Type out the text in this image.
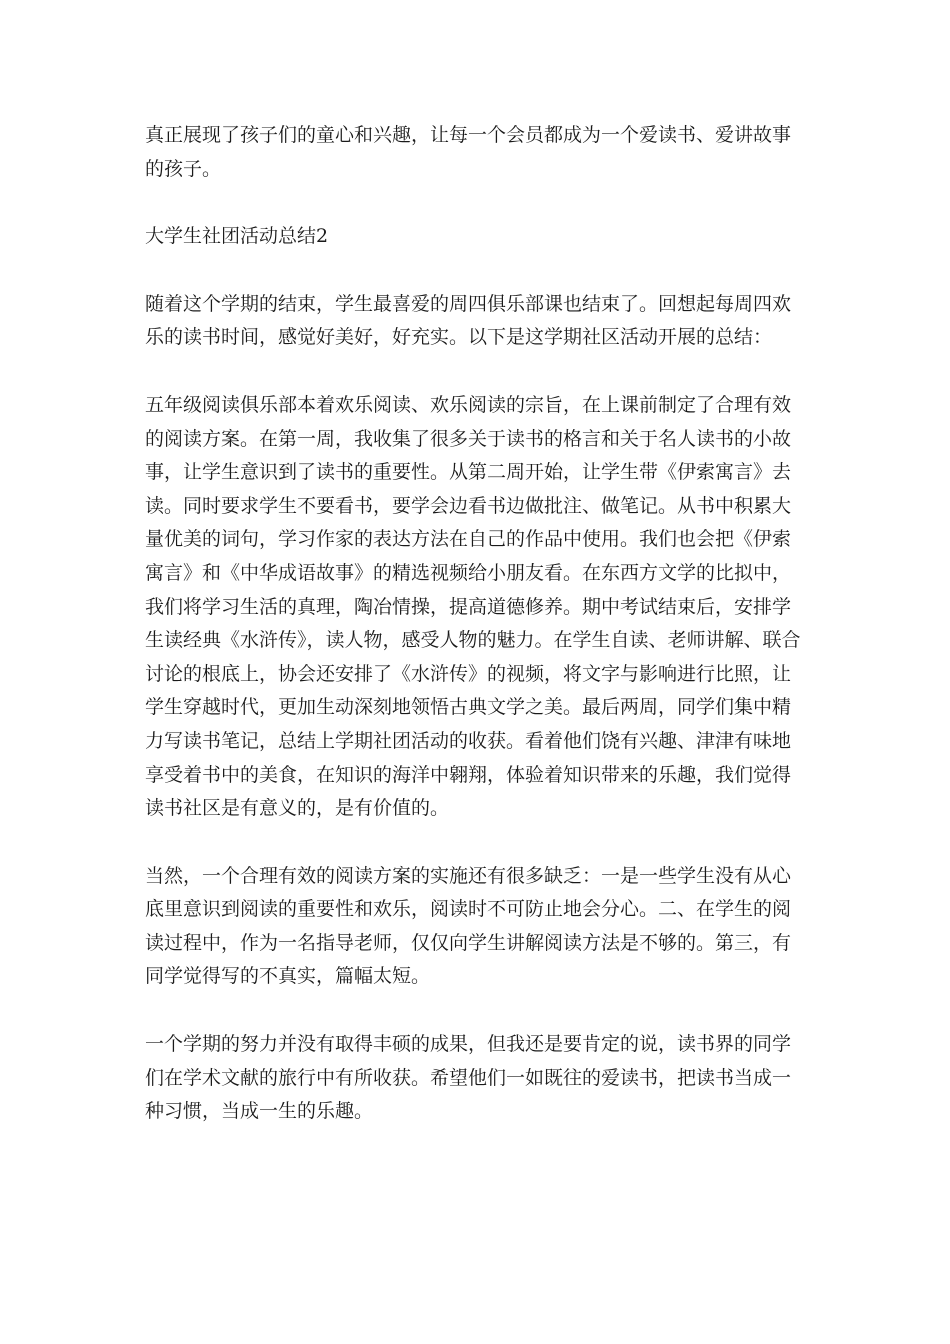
真正展现了孩子们的童心和兴趣，让每一个会员都成为一个爱读书、爱讲故事的孩子。

大学生社团活动总结2

随着这个学期的结束，学生最喜爱的周四俱乐部课也结束了。回想起每周四欢乐的读书时间，感觉好美好，好充实。以下是这学期社区活动开展的总结：

五年级阅读俱乐部本着欢乐阅读、欢乐阅读的宗旨，在上课前制定了合理有效的阅读方案。在第一周，我收集了很多关于读书的格言和关于名人读书的小故事，让学生意识到了读书的重要性。从第二周开始，让学生带《伊索寓言》去读。同时要求学生不要看书，要学会边看书边做批注、做笔记。从书中积累大量优美的词句，学习作家的表达方法在自己的作品中使用。我们也会把《伊索寓言》和《中华成语故事》的精选视频给小朋友看。在东西方文学的比拟中，我们将学习生活的真理，陶冶情操，提高道德修养。期中考试结束后，安排学生读经典《水浒传》，读人物，感受人物的魅力。在学生自读、老师讲解、联合讨论的根底上，协会还安排了《水浒传》的视频，将文字与影响进行比照，让学生穿越时代，更加生动深刻地领悟古典文学之美。最后两周，同学们集中精力写读书笔记，总结上学期社团活动的收获。看着他们饶有兴趣、津津有味地享受着书中的美食，在知识的海洋中翱翔，体验着知识带来的乐趣，我们觉得读书社区是有意义的，是有价值的。

当然，一个合理有效的阅读方案的实施还有很多缺乏：一是一些学生没有从心底里意识到阅读的重要性和欢乐，阅读时不可防止地会分心。二、在学生的阅读过程中，作为一名指导老师，仅仅向学生讲解阅读方法是不够的。第三，有同学觉得写的不真实，篇幅太短。

一个学期的努力并没有取得丰硕的成果，但我还是要肯定的说，读书界的同学们在学术文献的旅行中有所收获。希望他们一如既往的爱读书，把读书当成一种习惯，当成一生的乐趣。
